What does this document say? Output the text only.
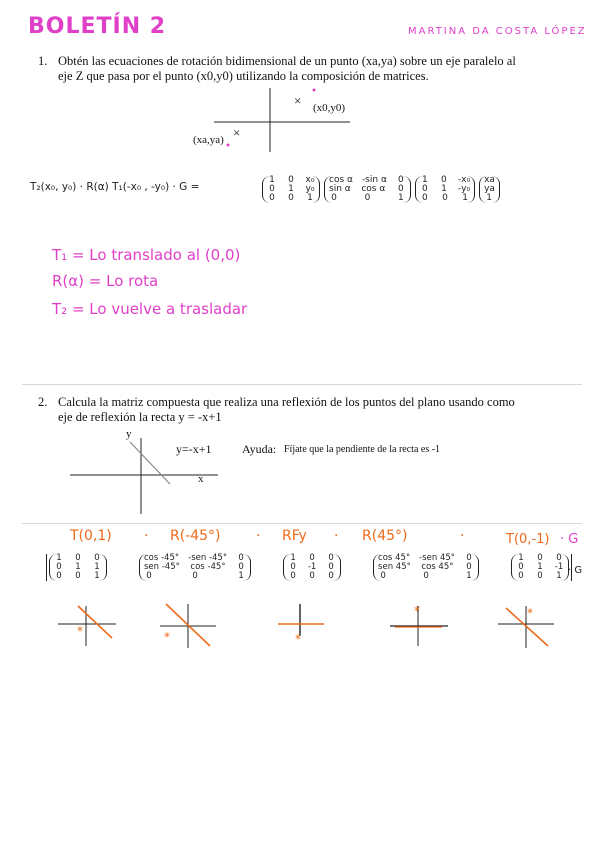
BOLETÍN 2	MARTINA DA COSTA LÓPEZ
1. Obtén las ecuaciones de rotación bidimensional de un punto (xa,ya) sobre un eje paralelo al
eje Z que pasa por el punto (x0,y0) utilizando la composición de matrices.
× (x0,y0)
(xa,ya) ×
T₂(x₀, y₀) · R(α) T₁(-x₀ , -y₀) · G =
1 0 x₀
0 1 y₀
0 0 1
cos α -sin α 0
sin α cos α 0
0	0	1
1 0 -x₀
0 1 -y₀
0 0 1
xa
ya
1
T₁ = Lo translado al (0,0)
R(α) = Lo rota
T₂ = Lo vuelve a trasladar
2. Calcula la matriz compuesta que realiza una reflexión de los puntos del plano usando como
eje de reflexión la recta y = -x+1
y
x
y=-x+1	Ayuda: Fíjate que la pendiente de la recta es -1
T(0,1) · R(-45°)	· RFy · R(45°)	·	T(0,-1) · G
1 0 0
0 1 1
0 0 1
cos -45° -sen -45° 0
sen -45° cos -45° 0
0	0	1
1 0 0
0 -1 0
0 0 0
cos 45° -sen 45° 0
sen 45° cos 45° 0
0	0	1
1 0 0
0 1 -1
0 0 1 · G
*	*	*
*	*
